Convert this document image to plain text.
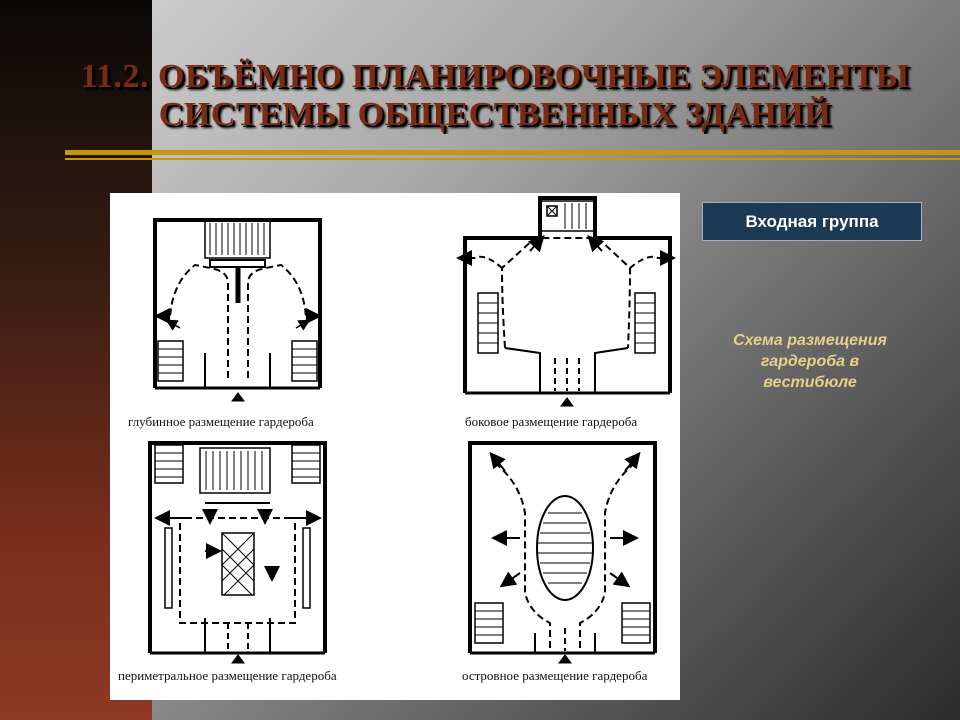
11.2. ОБЪЁМНО ПЛАНИРОВОЧНЫЕ ЭЛЕМЕНТЫ
СИСТЕМЫ ОБЩЕСТВЕННЫХ ЗДАНИЙ
глубинное размещение гардероба	боковое размещение гардероба
периметральное размещение гардероба	островное размещение гардероба
Входная группа
Схема размещения гардероба в вестибюле
